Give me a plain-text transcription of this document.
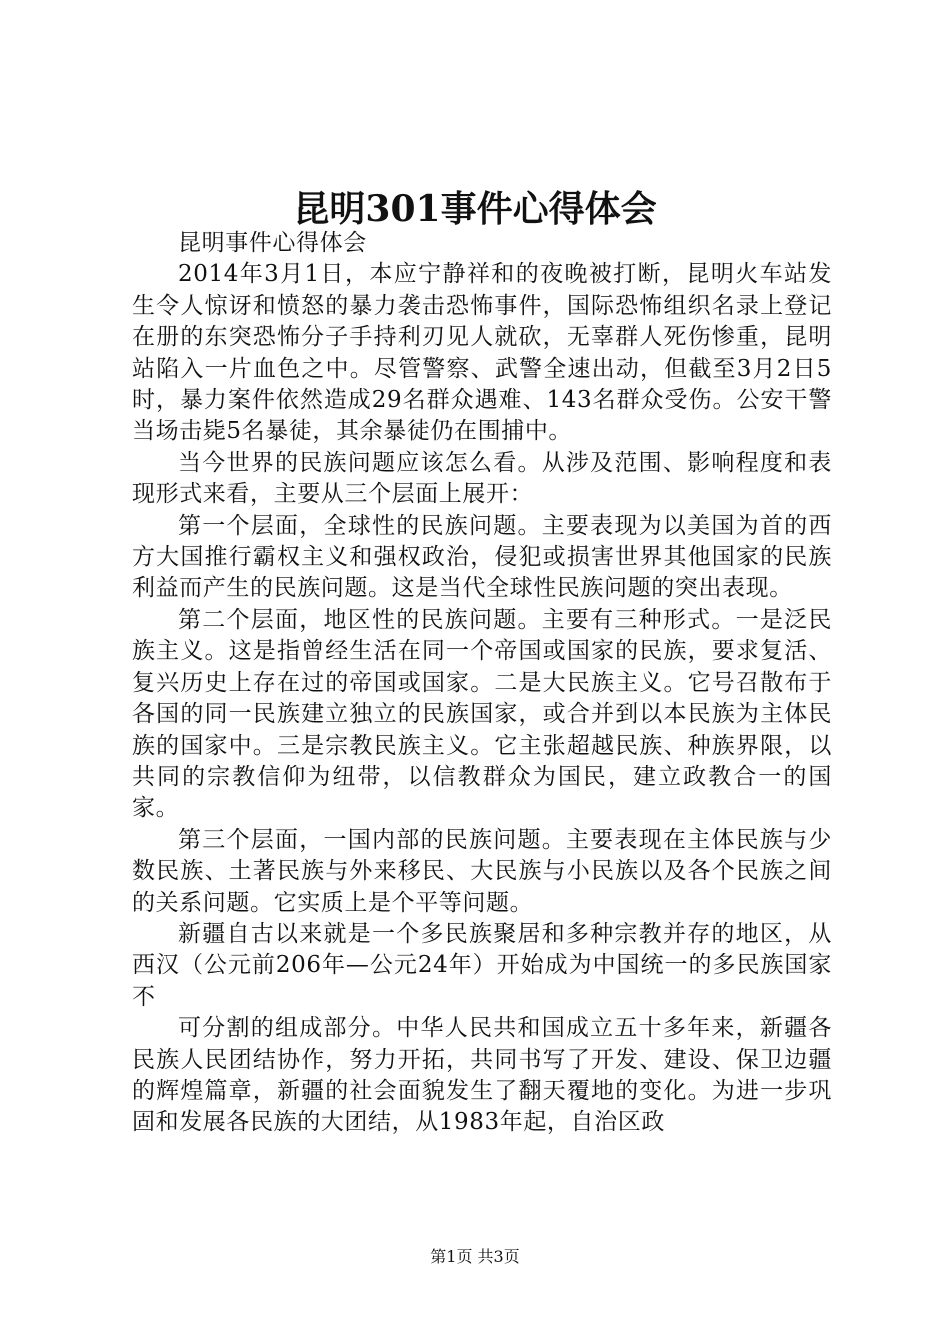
昆明301事件心得体会

昆明事件心得体会

2014年3月1日，本应宁静祥和的夜晚被打断，昆明火车站发生令人惊讶和愤怒的暴力袭击恐怖事件，国际恐怖组织名录上登记在册的东突恐怖分子手持利刃见人就砍，无辜群人死伤惨重，昆明站陷入一片血色之中。尽管警察、武警全速出动，但截至3月2日5时，暴力案件依然造成29名群众遇难、143名群众受伤。公安干警当场击毙5名暴徒，其余暴徒仍在围捕中。

当今世界的民族问题应该怎么看。从涉及范围、影响程度和表现形式来看，主要从三个层面上展开：

第一个层面，全球性的民族问题。主要表现为以美国为首的西方大国推行霸权主义和强权政治，侵犯或损害世界其他国家的民族利益而产生的民族问题。这是当代全球性民族问题的突出表现。

第二个层面，地区性的民族问题。主要有三种形式。一是泛民族主义。这是指曾经生活在同一个帝国或国家的民族，要求复活、复兴历史上存在过的帝国或国家。二是大民族主义。它号召散布于各国的同一民族建立独立的民族国家，或合并到以本民族为主体民族的国家中。三是宗教民族主义。它主张超越民族、种族界限，以共同的宗教信仰为纽带，以信教群众为国民，建立政教合一的国家。

第三个层面，一国内部的民族问题。主要表现在主体民族与少数民族、土著民族与外来移民、大民族与小民族以及各个民族之间的关系问题。它实质上是个平等问题。

新疆自古以来就是一个多民族聚居和多种宗教并存的地区，从西汉（公元前206年—公元24年）开始成为中国统一的多民族国家不

可分割的组成部分。中华人民共和国成立五十多年来，新疆各民族人民团结协作，努力开拓，共同书写了开发、建设、保卫边疆的辉煌篇章，新疆的社会面貌发生了翻天覆地的变化。为进一步巩固和发展各民族的大团结，从1983年起，自治区政

第1页 共3页
